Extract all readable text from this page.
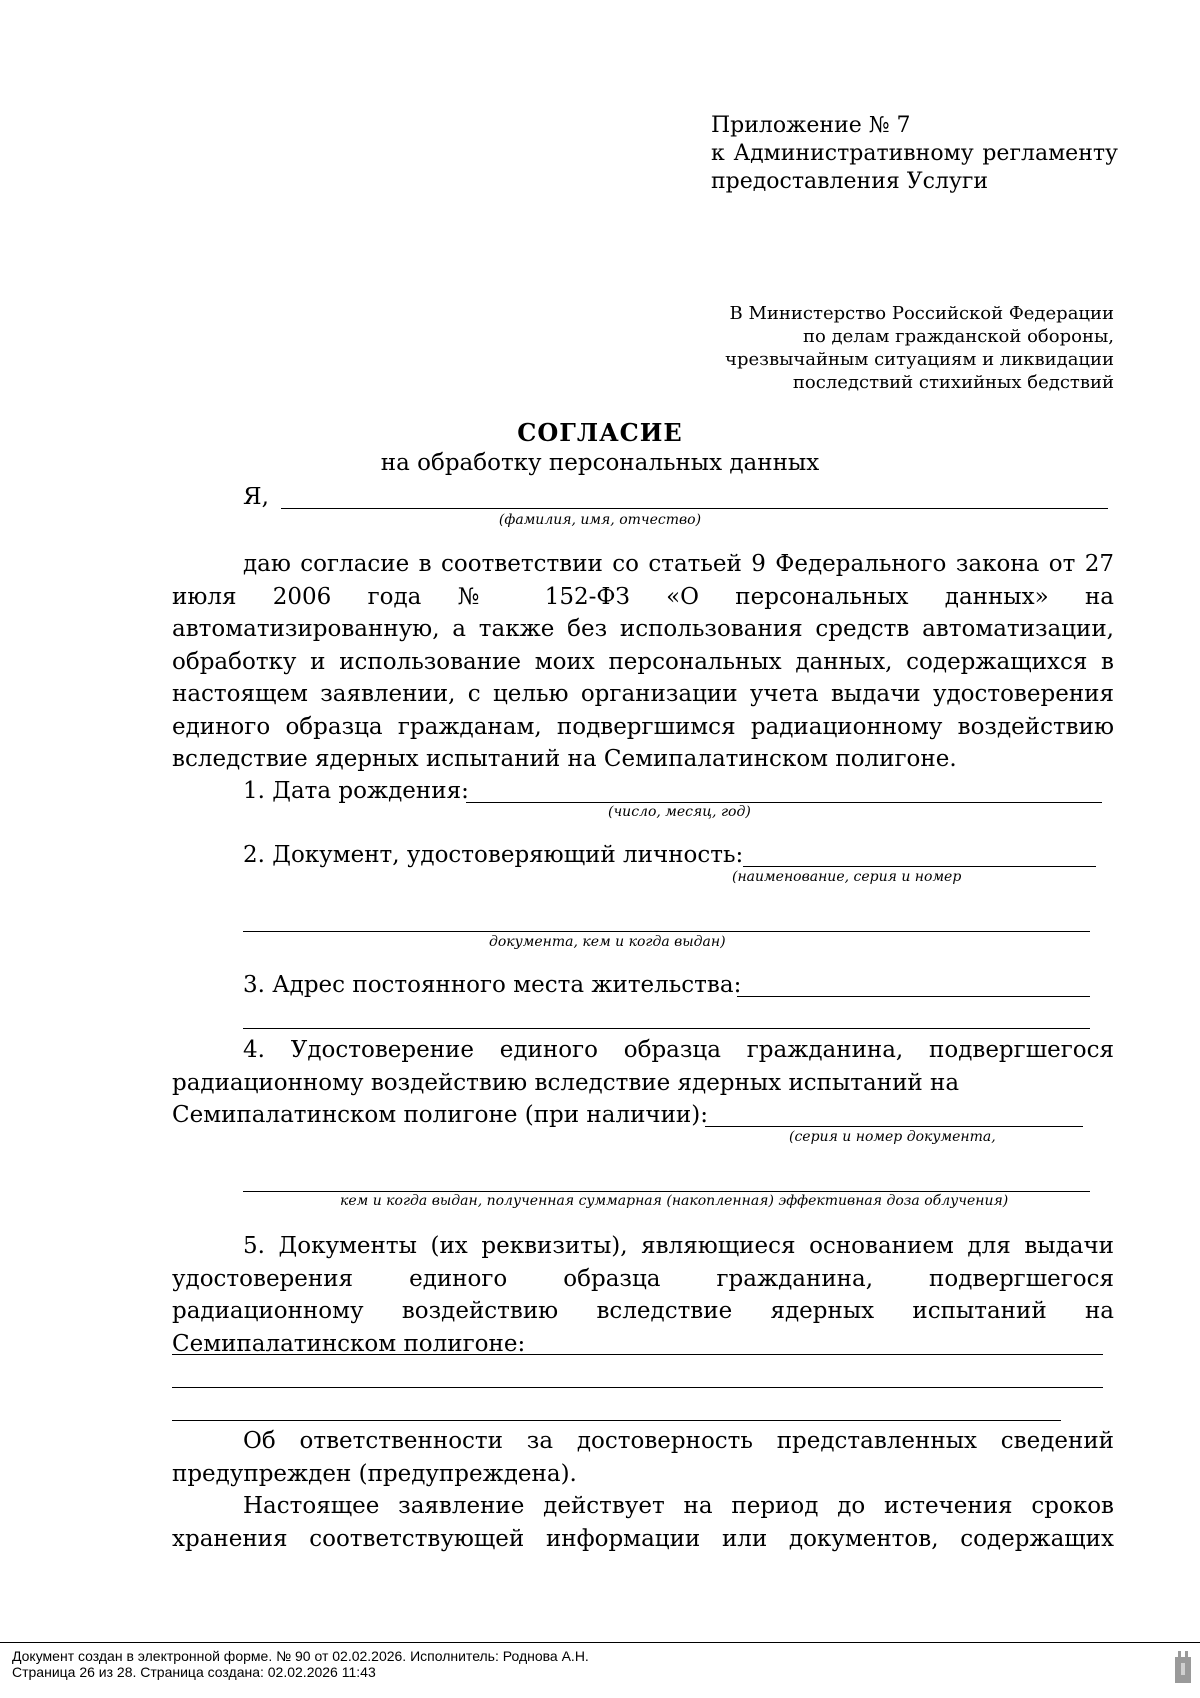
Приложение № 7
к Административному регламенту
предоставления Услуги
В Министерство Российской Федерации
по делам гражданской обороны,
чрезвычайным ситуациям и ликвидации
последствий стихийных бедствий
СОГЛАСИЕ
на обработку персональных данных
Я,
(фамилия, имя, отчество)
даю согласие в соответствии со статьей 9 Федерального закона от 27 июля 2006 года № 152-ФЗ «О персональных данных» на автоматизированную, а также без использования средств автоматизации, обработку и использование моих персональных данных, содержащихся в настоящем заявлении, с целью организации учета выдачи удостоверения единого образца гражданам, подвергшимся радиационному воздействию вследствие ядерных испытаний на Семипалатинском полигоне.
1. Дата рождения:
(число, месяц, год)
2. Документ, удостоверяющий личность:
(наименование, серия и номер
документа, кем и когда выдан)
3. Адрес постоянного места жительства:
4. Удостоверение единого образца гражданина, подвергшегося радиационному воздействию вследствие ядерных испытаний на
Семипалатинском полигоне (при наличии):
(серия и номер документа,
кем и когда выдан, полученная суммарная (накопленная) эффективная доза облучения)
5. Документы (их реквизиты), являющиеся основанием для выдачи удостоверения единого образца гражданина, подвергшегося радиационному воздействию вследствие ядерных испытаний на Семипалатинском полигоне:
Об ответственности за достоверность представленных сведений предупрежден (предупреждена).
Настоящее заявление действует на период до истечения сроков хранения соответствующей информации или документов, содержащих
Документ создан в электронной форме. № 90 от 02.02.2026. Исполнитель: Роднова А.Н.
Страница 26 из 28. Страница создана: 02.02.2026 11:43
